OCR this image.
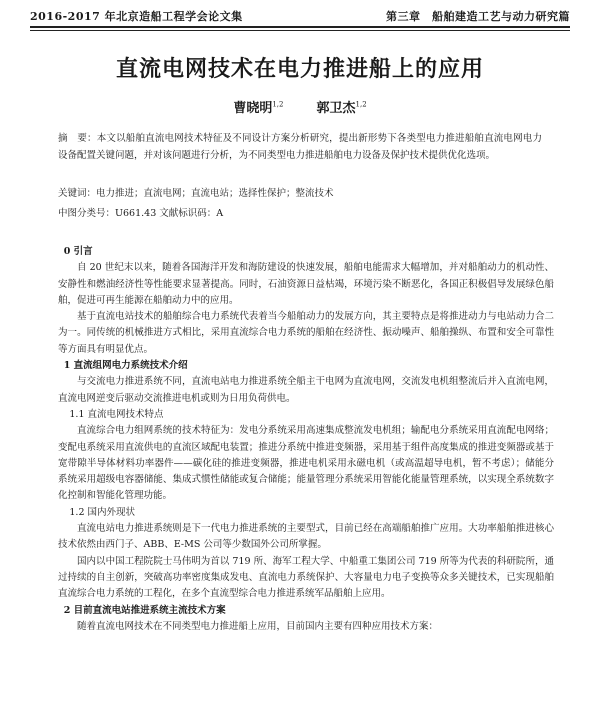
2016-2017 年北京造船工程学会论文集	第三章　船舶建造工艺与动力研究篇
直流电网技术在电力推进船上的应用
曹晓明$^{1,2}$	郭卫杰$^{1,2}$
摘　要：本文以船舶直流电网技术特征及不同设计方案分析研究，提出新形势下各类型电力推进船舶直流电网电力设备配置关键问题，并对该问题进行分析，为不同类型电力推进船舶电力设备及保护技术提供优化选项。
关键词：电力推进；直流电网；直流电站；选择性保护；整流技术
中图分类号：U661.43 文献标识码：A
0 引言

自 20 世纪末以来，随着各国海洋开发和海防建设的快速发展，船舶电能需求大幅增加，并对船舶动力的机动性、安静性和燃油经济性等性能要求显著提高。同时，石油资源日益枯竭，环境污染不断恶化，各国正积极倡导发展绿色船舶，促进可再生能源在船舶动力中的应用。

基于直流电站技术的船舶综合电力系统代表着当今船舶动力的发展方向，其主要特点是将推进动力与电站动力合二为一。同传统的机械推进方式相比，采用直流综合电力系统的船舶在经济性、振动噪声、船舶操纵、布置和安全可靠性等方面具有明显优点。

1 直流组网电力系统技术介绍

与交流电力推进系统不同，直流电站电力推进系统全船主干电网为直流电网，交流发电机组整流后并入直流电网，直流电网逆变后驱动交流推进电机或则为日用负荷供电。

1.1 直流电网技术特点

直流综合电力组网系统的技术特征为：发电分系统采用高速集成整流发电机组；输配电分系统采用直流配电网络；变配电系统采用直流供电的直流区域配电装置；推进分系统中推进变频器，采用基于组件高度集成的推进变频器或基于宽带隙半导体材料功率器件——碳化硅的推进变频器，推进电机采用永磁电机（或高温超导电机，暂不考虑）；储能分系统采用超级电容器储能、集成式惯性储能或复合储能；能量管理分系统采用智能化能量管理系统，以实现全系统数字化控制和智能化管理功能。

1.2 国内外现状

直流电站电力推进系统则是下一代电力推进系统的主要型式，目前已经在高端船舶推广应用。大功率船舶推进核心技术依然由西门子、ABB、E-MS 公司等少数国外公司所掌握。

国内以中国工程院院士马伟明为首以 719 所、海军工程大学、中船重工集团公司 719 所等为代表的科研院所，通过持续的自主创新，突破高功率密度集成发电、直流电力系统保护、大容量电力电子变换等众多关键技术，已实现船舶直流综合电力系统的工程化，在多个直流型综合电力推进系统军品船舶上应用。

2 目前直流电站推进系统主流技术方案

随着直流电网技术在不同类型电力推进船上应用，目前国内主要有四种应用技术方案：
